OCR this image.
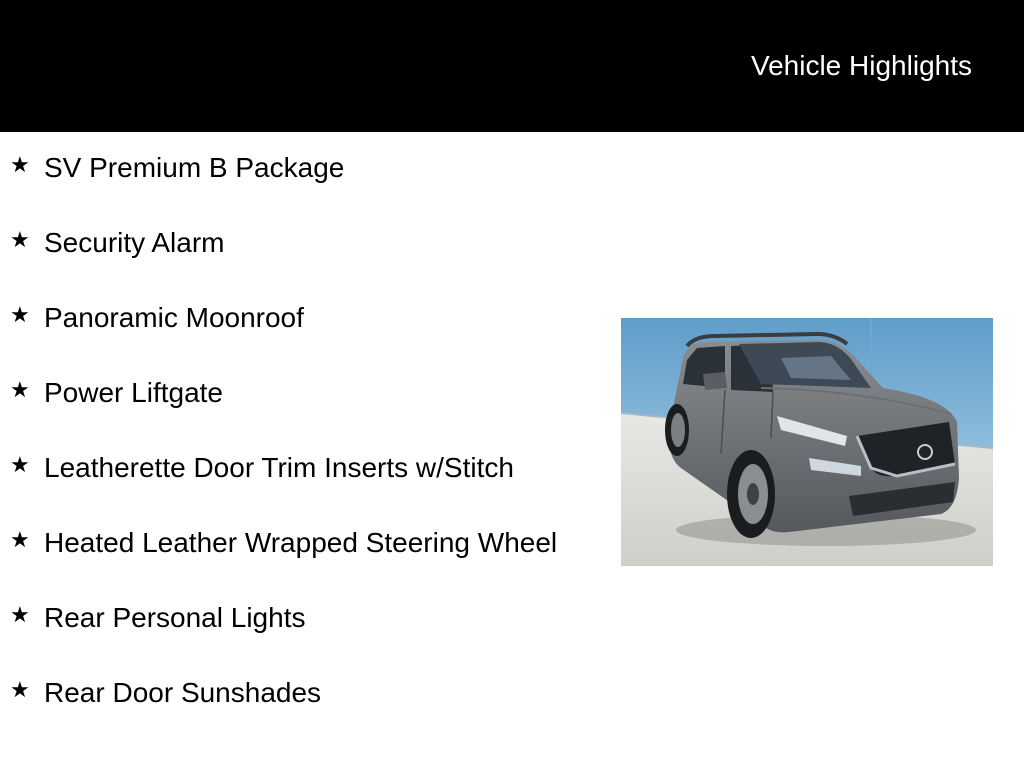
Vehicle Highlights
★ SV Premium B Package
★ Security Alarm
★ Panoramic Moonroof
★ Power Liftgate
★ Leatherette Door Trim Inserts w/Stitch
★ Heated Leather Wrapped Steering Wheel
★ Rear Personal Lights
★ Rear Door Sunshades
